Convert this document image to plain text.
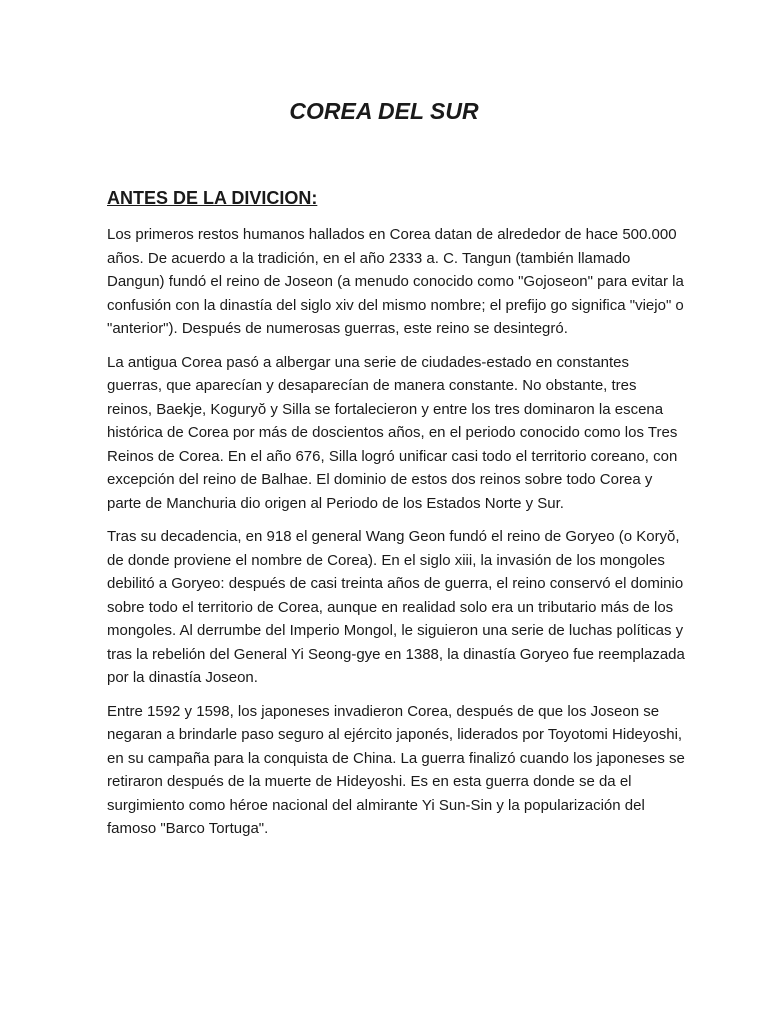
COREA DEL SUR
ANTES DE LA DIVICION:

Los primeros restos humanos hallados en Corea datan de alrededor de hace 500.000 años. De acuerdo a la tradición, en el año 2333 a. C. Tangun (también llamado Dangun) fundó el reino de Joseon (a menudo conocido como "Gojoseon" para evitar la confusión con la dinastía del siglo xiv del mismo nombre; el prefijo go significa "viejo" o "anterior"). Después de numerosas guerras, este reino se desintegró.

La antigua Corea pasó a albergar una serie de ciudades-estado en constantes guerras, que aparecían y desaparecían de manera constante. No obstante, tres reinos, Baekje, Koguryŏ y Silla se fortalecieron y entre los tres dominaron la escena histórica de Corea por más de doscientos años, en el periodo conocido como los Tres Reinos de Corea. En el año 676, Silla logró unificar casi todo el territorio coreano, con excepción del reino de Balhae. El dominio de estos dos reinos sobre todo Corea y parte de Manchuria dio origen al Periodo de los Estados Norte y Sur.

Tras su decadencia, en 918 el general Wang Geon fundó el reino de Goryeo (o Koryŏ, de donde proviene el nombre de Corea). En el siglo xiii, la invasión de los mongoles debilitó a Goryeo: después de casi treinta años de guerra, el reino conservó el dominio sobre todo el territorio de Corea, aunque en realidad solo era un tributario más de los mongoles. Al derrumbe del Imperio Mongol, le siguieron una serie de luchas políticas y tras la rebelión del General Yi Seong-gye en 1388, la dinastía Goryeo fue reemplazada por la dinastía Joseon.

Entre 1592 y 1598, los japoneses invadieron Corea, después de que los Joseon se negaran a brindarle paso seguro al ejército japonés, liderados por Toyotomi Hideyoshi, en su campaña para la conquista de China. La guerra finalizó cuando los japoneses se retiraron después de la muerte de Hideyoshi. Es en esta guerra donde se da el surgimiento como héroe nacional del almirante Yi Sun-Sin y la popularización del famoso "Barco Tortuga".
